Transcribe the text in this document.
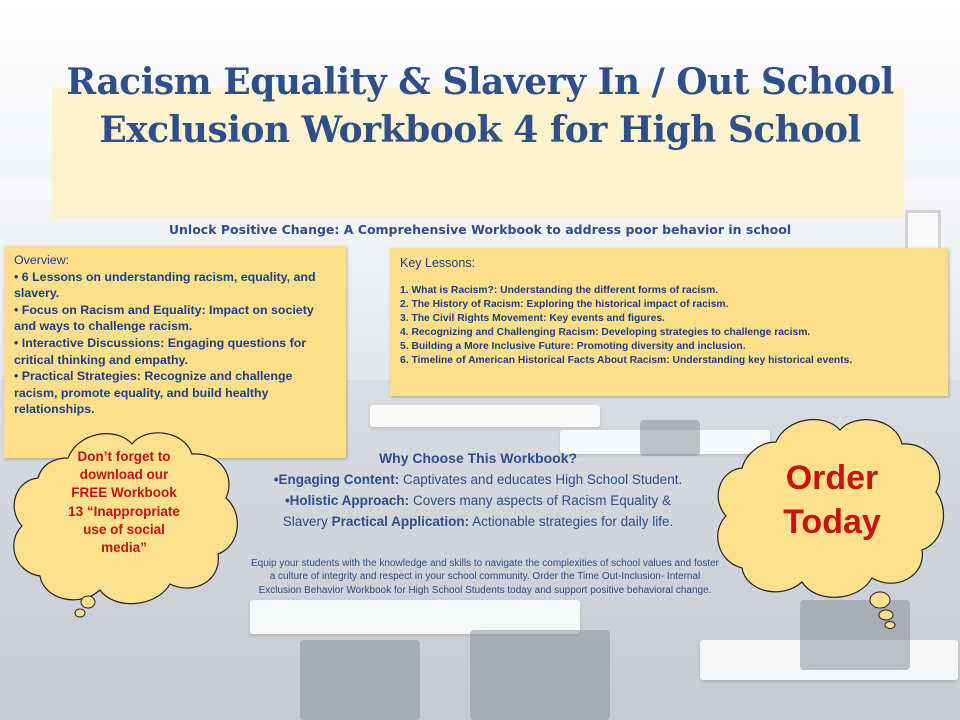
Racism Equality & Slavery In / Out School Exclusion Workbook 4 for High School
Unlock Positive Change: A Comprehensive Workbook to address poor behavior in school
Overview:
• 6 Lessons on understanding racism, equality, and slavery.
• Focus on Racism and Equality: Impact on society and ways to challenge racism.
• Interactive Discussions: Engaging questions for critical thinking and empathy.
• Practical Strategies: Recognize and challenge racism, promote equality, and build healthy relationships.
Key Lessons:
1. What is Racism?: Understanding the different forms of racism.
2. The History of Racism: Exploring the historical impact of racism.
3. The Civil Rights Movement: Key events and figures.
4. Recognizing and Challenging Racism: Developing strategies to challenge racism.
5. Building a More Inclusive Future: Promoting diversity and inclusion.
6. Timeline of American Historical Facts About Racism: Understanding key historical events.
Don’t forget to
download our
FREE Workbook
13 “Inappropriate
use of social
media”
Order
Today
Why Choose This Workbook?
•Engaging Content: Captivates and educates High School Student.
•Holistic Approach: Covers many aspects of Racism Equality &
Slavery Practical Application: Actionable strategies for daily life.
Equip your students with the knowledge and skills to navigate the complexities of school values and foster a culture of integrity and respect in your school community. Order the Time Out-Inclusion- Internal Exclusion Behavior Workbook for High School Students today and support positive behavioral change.
